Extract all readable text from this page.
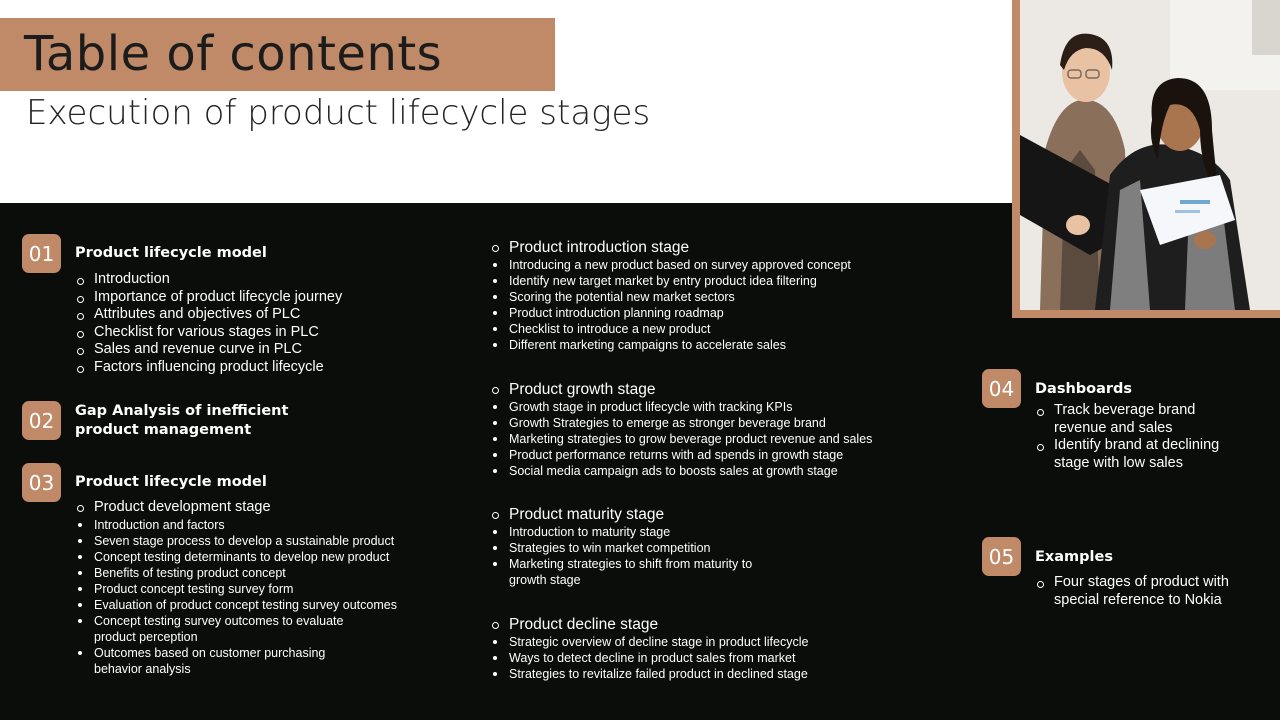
Table of contents
Execution of product lifecycle stages
01	Product lifecycle model
Introduction
Importance of product lifecycle journey
Attributes and objectives of PLC
Checklist for various stages in PLC
Sales and revenue curve in PLC
Factors influencing product lifecycle
02	Gap Analysis of inefficient
product management
03	Product lifecycle model
Product development stage
Introduction and factors
Seven stage process to develop a sustainable product
Concept testing determinants to develop new product
Benefits of testing product concept
Product concept testing survey form
Evaluation of product concept testing survey outcomes
Concept testing survey outcomes to evaluate product perception
Outcomes based on customer purchasing behavior analysis
Product introduction stage
Introducing a new product based on survey approved concept
Identify new target market by entry product idea filtering
Scoring the potential new market sectors
Product introduction planning roadmap
Checklist to introduce a new product
Different marketing campaigns to accelerate sales
Product growth stage
Growth stage in product lifecycle with tracking KPIs
Growth Strategies to emerge as stronger beverage brand
Marketing strategies to grow beverage product revenue and sales
Product performance returns with ad spends in growth stage
Social media campaign ads to boosts sales at growth stage
Product maturity stage
Introduction to maturity stage
Strategies to win market competition
Marketing strategies to shift from maturity to growth stage
Product decline stage
Strategic overview of decline stage in product lifecycle
Ways to detect decline in product sales from market
Strategies to revitalize failed product in declined stage
04	Dashboards
Track beverage brand revenue and sales
Identify brand at declining stage with low sales
05	Examples
Four stages of product with special reference to Nokia
